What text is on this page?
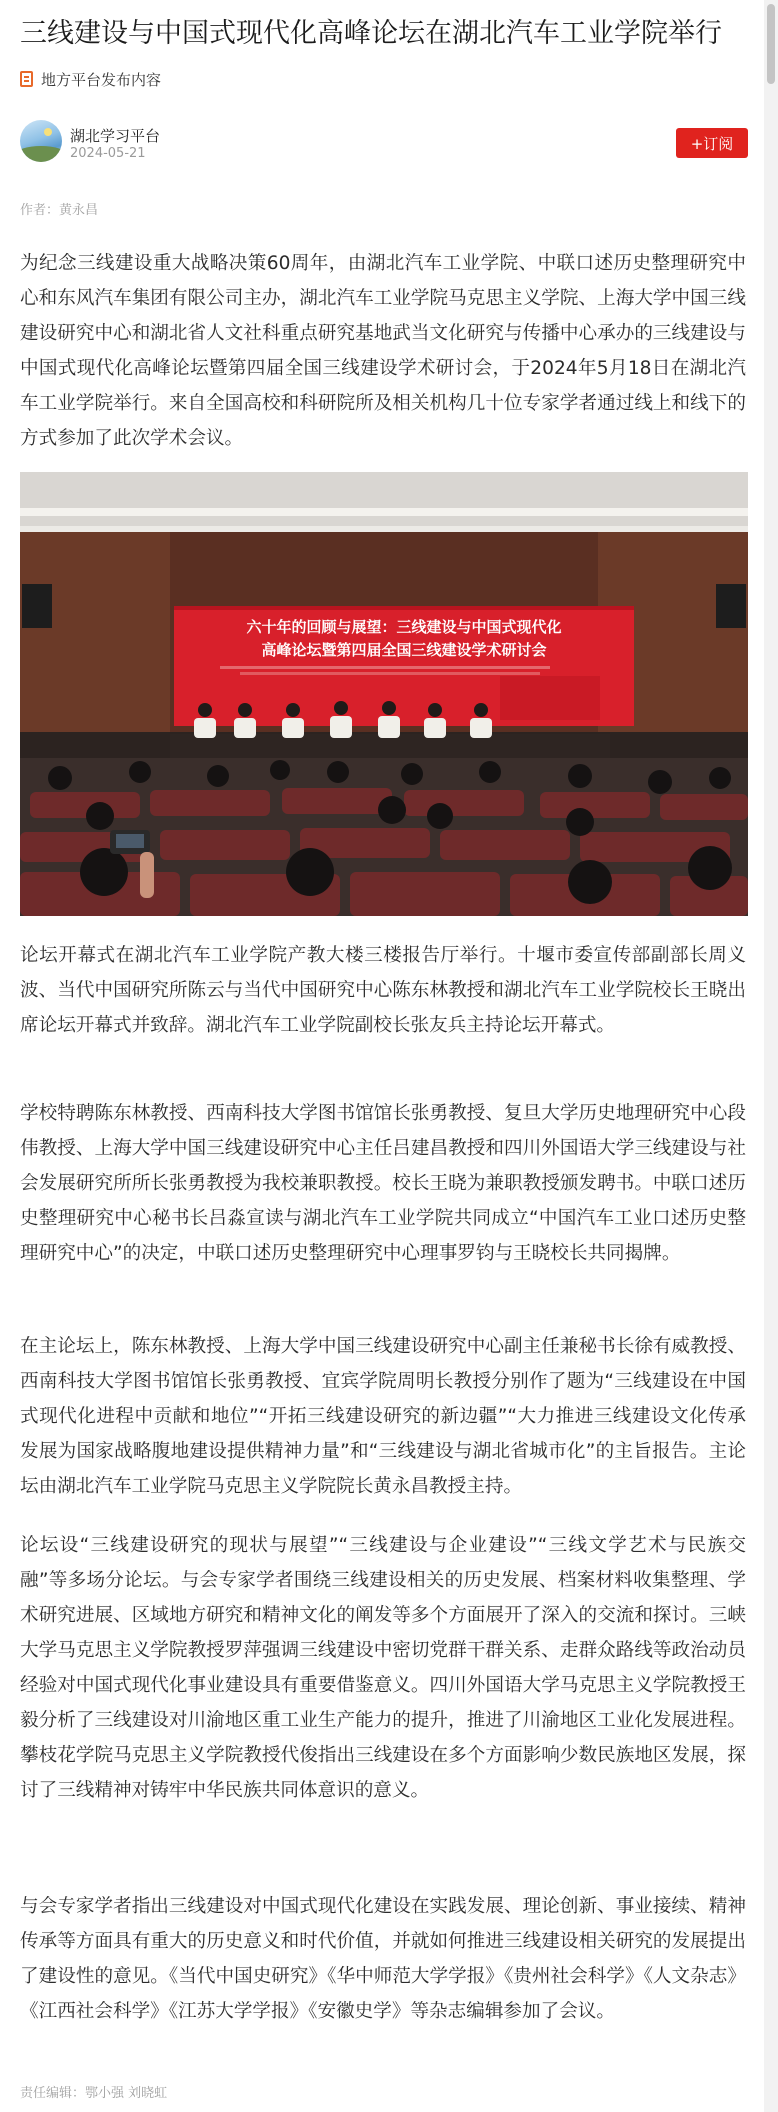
三线建设与中国式现代化高峰论坛在湖北汽车工业学院举行
地方平台发布内容
湖北学习平台
2024-05-21
+订阅
作者：黄永昌

为纪念三线建设重大战略决策60周年，由湖北汽车工业学院、中联口述历史整理研究中心和东风汽车集团有限公司主办，湖北汽车工业学院马克思主义学院、上海大学中国三线建设研究中心和湖北省人文社科重点研究基地武当文化研究与传播中心承办的三线建设与中国式现代化高峰论坛暨第四届全国三线建设学术研讨会，于2024年5月18日在湖北汽车工业学院举行。来自全国高校和科研院所及相关机构几十位专家学者通过线上和线下的方式参加了此次学术会议。

六十年的回顾与展望：三线建设与中国式现代化
高峰论坛暨第四届全国三线建设学术研讨会

论坛开幕式在湖北汽车工业学院产教大楼三楼报告厅举行。十堰市委宣传部副部长周义波、当代中国研究所陈云与当代中国研究中心陈东林教授和湖北汽车工业学院校长王晓出席论坛开幕式并致辞。湖北汽车工业学院副校长张友兵主持论坛开幕式。

学校特聘陈东林教授、西南科技大学图书馆馆长张勇教授、复旦大学历史地理研究中心段伟教授、上海大学中国三线建设研究中心主任吕建昌教授和四川外国语大学三线建设与社会发展研究所所长张勇教授为我校兼职教授。校长王晓为兼职教授颁发聘书。中联口述历史整理研究中心秘书长吕淼宣读与湖北汽车工业学院共同成立“中国汽车工业口述历史整理研究中心”的决定，中联口述历史整理研究中心理事罗钧与王晓校长共同揭牌。

在主论坛上，陈东林教授、上海大学中国三线建设研究中心副主任兼秘书长徐有威教授、西南科技大学图书馆馆长张勇教授、宜宾学院周明长教授分别作了题为“三线建设在中国式现代化进程中贡献和地位”“开拓三线建设研究的新边疆”“大力推进三线建设文化传承发展为国家战略腹地建设提供精神力量”和“三线建设与湖北省城市化”的主旨报告。主论坛由湖北汽车工业学院马克思主义学院院长黄永昌教授主持。

论坛设“三线建设研究的现状与展望”“三线建设与企业建设”“三线文学艺术与民族交融”等多场分论坛。与会专家学者围绕三线建设相关的历史发展、档案材料收集整理、学术研究进展、区域地方研究和精神文化的阐发等多个方面展开了深入的交流和探讨。三峡大学马克思主义学院教授罗萍强调三线建设中密切党群干群关系、走群众路线等政治动员经验对中国式现代化事业建设具有重要借鉴意义。四川外国语大学马克思主义学院教授王毅分析了三线建设对川渝地区重工业生产能力的提升，推进了川渝地区工业化发展进程。攀枝花学院马克思主义学院教授代俊指出三线建设在多个方面影响少数民族地区发展，探讨了三线精神对铸牢中华民族共同体意识的意义。

与会专家学者指出三线建设对中国式现代化建设在实践发展、理论创新、事业接续、精神传承等方面具有重大的历史意义和时代价值，并就如何推进三线建设相关研究的发展提出了建设性的意见。《当代中国史研究》《华中师范大学学报》《贵州社会科学》《人文杂志》《江西社会科学》《江苏大学学报》《安徽史学》等杂志编辑参加了会议。

责任编辑：鄂小强 刘晓虹
